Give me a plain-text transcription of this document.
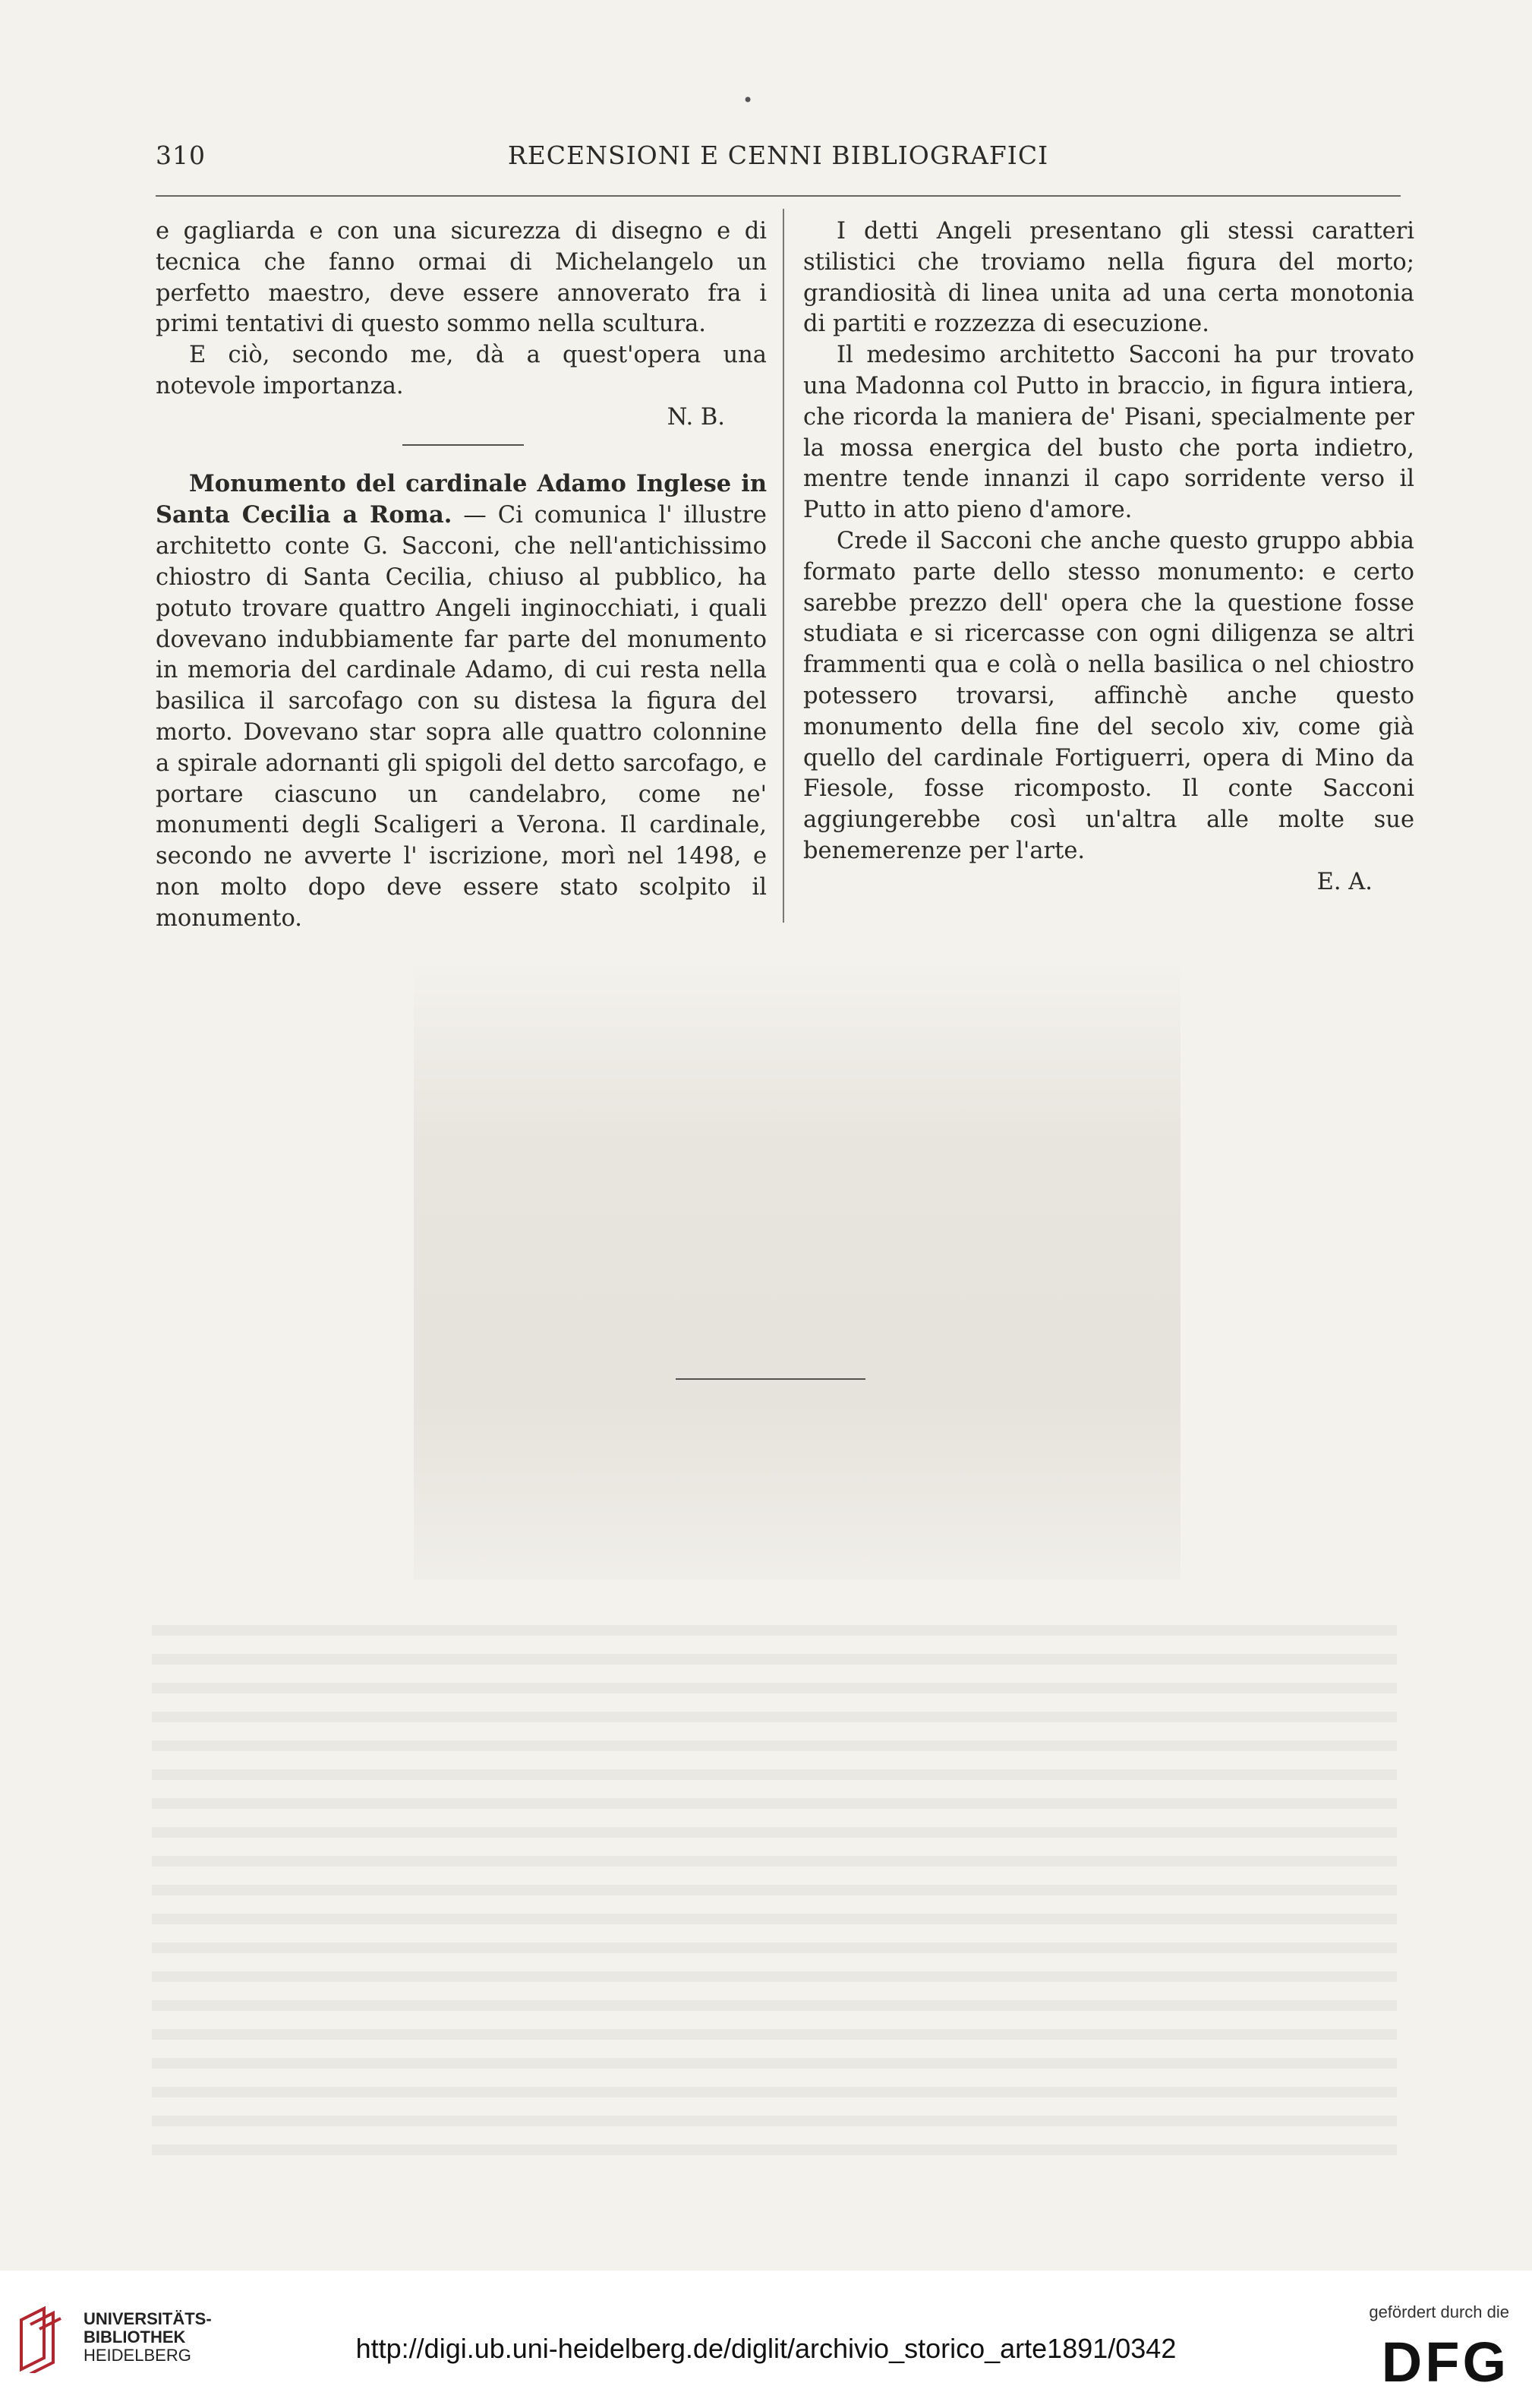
•
310	RECENSIONI E CENNI BIBLIOGRAFICI

e gagliarda e con una sicurezza di disegno e di tecnica che fanno ormai di Michelangelo un perfetto maestro, deve essere annoverato fra i primi tentativi di questo sommo nella scultura.

E ciò, secondo me, dà a quest'opera una notevole importanza.

N. B.

Monumento del cardinale Adamo Inglese in Santa Cecilia a Roma. — Ci comunica l' illustre architetto conte G. Sacconi, che nell'antichissimo chiostro di Santa Cecilia, chiuso al pubblico, ha potuto trovare quattro Angeli inginocchiati, i quali dovevano indubbiamente far parte del monumento in memoria del cardinale Adamo, di cui resta nella basilica il sarcofago con su distesa la figura del morto. Dovevano star sopra alle quattro colonnine a spirale adornanti gli spigoli del detto sarcofago, e portare ciascuno un candelabro, come ne' monumenti degli Scaligeri a Verona. Il cardinale, secondo ne avverte l' iscrizione, morì nel 1498, e non molto dopo deve essere stato scolpito il monumento.

I detti Angeli presentano gli stessi caratteri stilistici che troviamo nella figura del morto; grandiosità di linea unita ad una certa monotonia di partiti e rozzezza di esecuzione.

Il medesimo architetto Sacconi ha pur trovato una Madonna col Putto in braccio, in figura intiera, che ricorda la maniera de' Pisani, specialmente per la mossa energica del busto che porta indietro, mentre tende innanzi il capo sorridente verso il Putto in atto pieno d'amore.

Crede il Sacconi che anche questo gruppo abbia formato parte dello stesso monumento: e certo sarebbe prezzo dell' opera che la questione fosse studiata e si ricercasse con ogni diligenza se altri frammenti qua e colà o nella basilica o nel chiostro potessero trovarsi, affinchè anche questo monumento della fine del secolo xiv, come già quello del cardinale Fortiguerri, opera di Mino da Fiesole, fosse ricomposto. Il conte Sacconi aggiungerebbe così un'altra alle molte sue benemerenze per l'arte.

E. A.

UNIVERSITÄTS-
BIBLIOTHEK
HEIDELBERG	http://digi.ub.uni-heidelberg.de/diglit/archivio_storico_arte1891/0342
gefördert durch die
DFG
